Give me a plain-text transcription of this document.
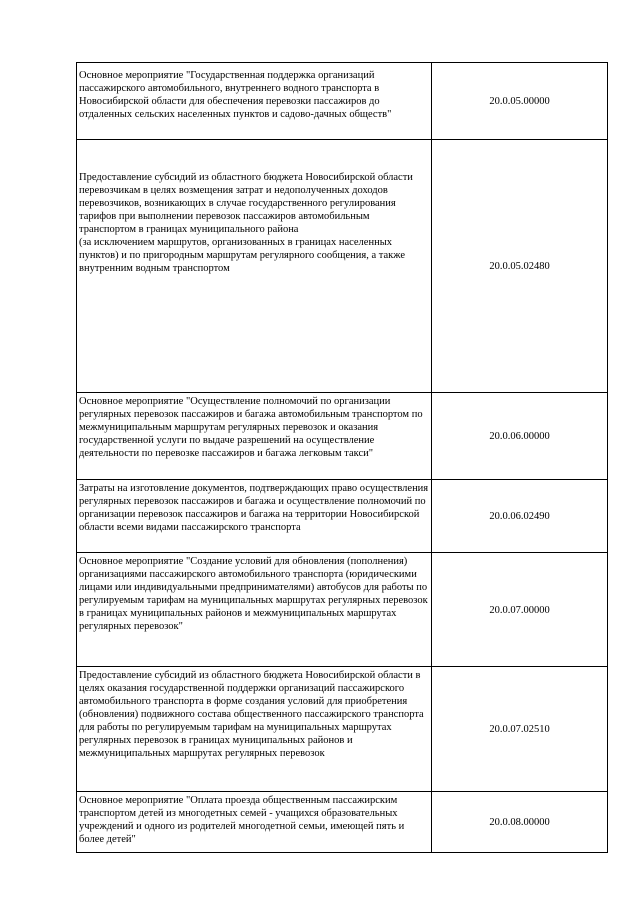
Основное мероприятие "Государственная поддержка организаций пассажирского автомобильного, внутреннего водного транспорта в Новосибирской области для обеспечения перевозки пассажиров до отдаленных сельских населенных пунктов и садово-дачных обществ"	20.0.05.00000
Предоставление субсидий из областного бюджета Новосибирской области перевозчикам в целях возмещения затрат и недополученных доходов
перевозчиков, возникающих в случае государственного регулирования тарифов при выполнении перевозок пассажиров автомобильным транспортом в границах муниципального района
(за исключением маршрутов, организованных в границах населенных пунктов) и по пригородным маршрутам регулярного сообщения, а также внутренним водным транспортом	20.0.05.02480
Основное мероприятие "Осуществление полномочий по организации регулярных перевозок пассажиров и багажа автомобильным транспортом по межмуниципальным маршрутам регулярных перевозок и оказания государственной услуги по выдаче разрешений на осуществление деятельности по перевозке пассажиров и багажа легковым такси"	20.0.06.00000
Затраты на изготовление документов, подтверждающих право осуществления регулярных перевозок пассажиров и багажа и осуществление полномочий по организации перевозок пассажиров и багажа на территории Новосибирской области всеми видами пассажирского транспорта	20.0.06.02490
Основное мероприятие "Создание условий для обновления (пополнения) организациями пассажирского автомобильного транспорта (юридическими лицами или индивидуальными предпринимателями) автобусов для работы по регулируемым тарифам на муниципальных маршрутах регулярных перевозок в границах муниципальных районов и межмуниципальных маршрутах регулярных перевозок"	20.0.07.00000
Предоставление субсидий из областного бюджета Новосибирской области в целях оказания государственной поддержки организаций пассажирского автомобильного транспорта в форме создания условий для приобретения (обновления) подвижного состава общественного пассажирского транспорта для работы по регулируемым тарифам на муниципальных маршрутах регулярных перевозок в границах муниципальных районов и межмуниципальных маршрутах регулярных перевозок	20.0.07.02510
Основное мероприятие "Оплата проезда общественным пассажирским транспортом детей из многодетных семей - учащихся образовательных учреждений и одного из родителей многодетной семьи, имеющей пять и более детей"	20.0.08.00000
